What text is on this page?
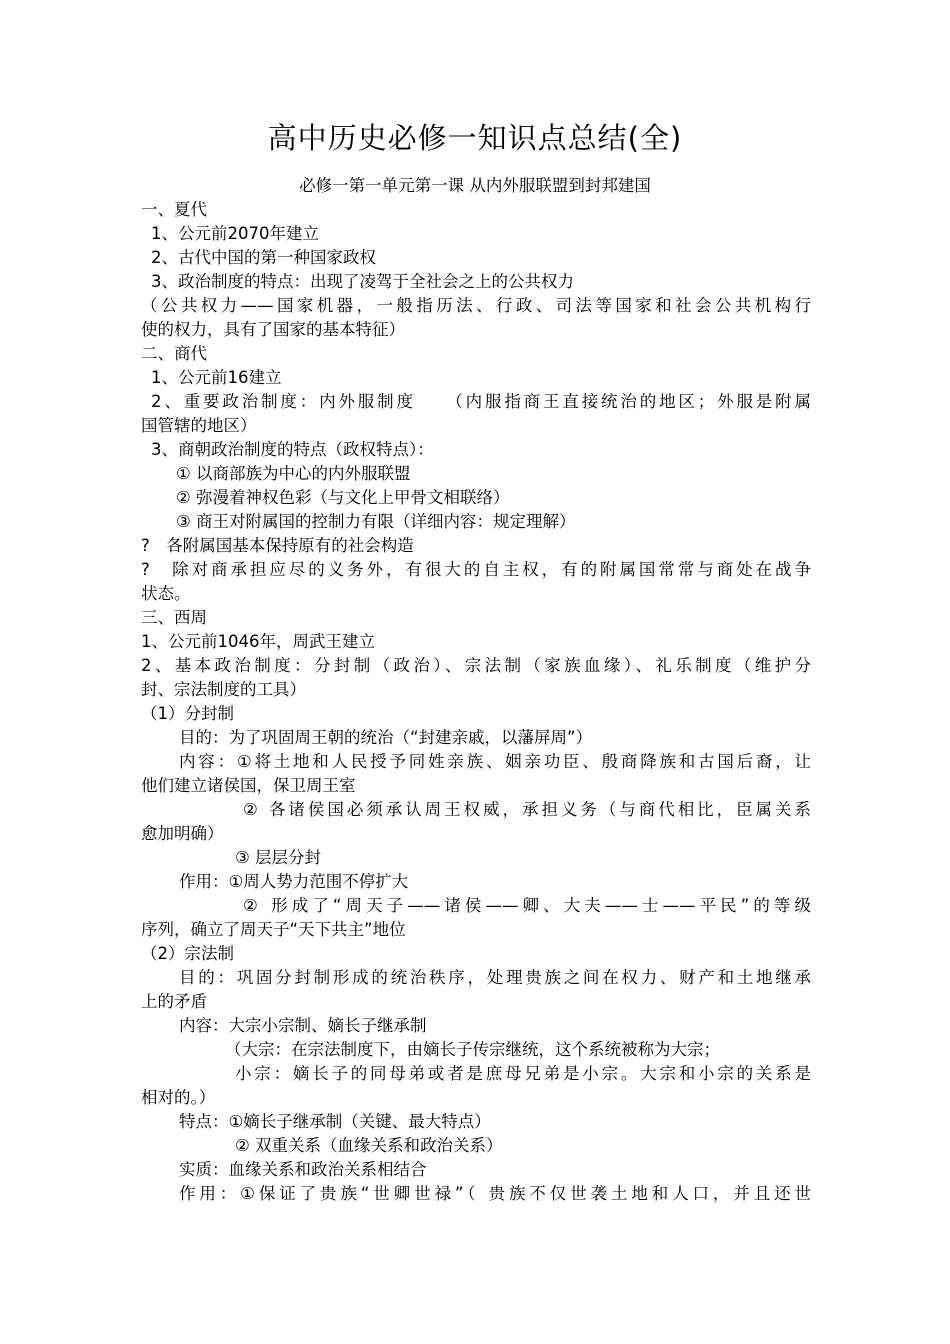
高中历史必修一知识点总结(全)
必修一第一单元第一课 从内外服联盟到封邦建国
一、夏代
1、公元前2070年建立
2、古代中国的第一种国家政权
3、政治制度的特点：出现了凌驾于全社会之上的公共权力
（公共权力——国家机器，一般指历法、行政、司法等国家和社会公共机构行
使的权力，具有了国家的基本特征）
二、商代
1、公元前16建立
2、重要政治制度：内外服制度　　（内服指商王直接统治的地区；外服是附属
国管辖的地区）
3、商朝政治制度的特点（政权特点）：
① 以商部族为中心的内外服联盟
② 弥漫着神权色彩（与文化上甲骨文相联络）
③ 商王对附属国的控制力有限（详细内容：规定理解）
?　各附属国基本保持原有的社会构造
?　除对商承担应尽的义务外，有很大的自主权，有的附属国常常与商处在战争
状态。
三、西周
1、公元前1046年，周武王建立
2、基本政治制度：分封制（政治）、宗法制（家族血缘）、礼乐制度（维护分
封、宗法制度的工具）
（1）分封制
目的：为了巩固周王朝的统治（“封建亲戚，以藩屏周”）
内容：①将土地和人民授予同姓亲族、姻亲功臣、殷商降族和古国后裔，让
他们建立诸侯国，保卫周王室
② 各诸侯国必须承认周王权威，承担义务（与商代相比，臣属关系
愈加明确）
③ 层层分封
作用：①周人势力范围不停扩大
② 形成了“周天子——诸侯——卿、大夫——士——平民”的等级
序列，确立了周天子“天下共主”地位
（2）宗法制
目的：巩固分封制形成的统治秩序，处理贵族之间在权力、财产和土地继承
上的矛盾
内容：大宗小宗制、嫡长子继承制
（大宗：在宗法制度下，由嫡长子传宗继统，这个系统被称为大宗；
小宗：嫡长子的同母弟或者是庶母兄弟是小宗。大宗和小宗的关系是
相对的。）
特点：①嫡长子继承制（关键、最大特点）
② 双重关系（血缘关系和政治关系）
实质：血缘关系和政治关系相结合
作用：①保证了贵族“世卿世禄”（ 贵族不仅世袭土地和人口，并且还世
